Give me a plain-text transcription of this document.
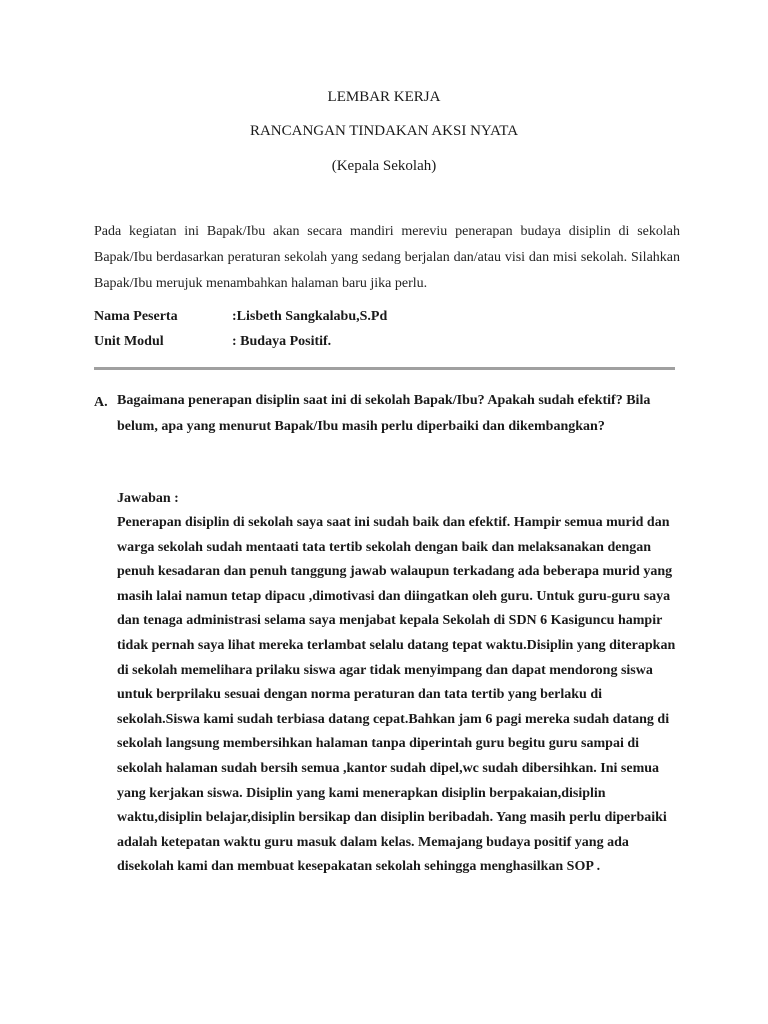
LEMBAR KERJA
RANCANGAN TINDAKAN AKSI NYATA
(Kepala Sekolah)

Pada kegiatan ini Bapak/Ibu akan secara mandiri mereviu penerapan budaya disiplin di sekolah Bapak/Ibu berdasarkan peraturan sekolah yang sedang berjalan dan/atau visi dan misi sekolah. Silahkan Bapak/Ibu merujuk menambahkan halaman baru jika perlu.

Nama Peserta	:Lisbeth Sangkalabu,S.Pd
Unit Modul	: Budaya Positif.
A. Bagaimana penerapan disiplin saat ini di sekolah Bapak/Ibu? Apakah sudah efektif? Bila belum, apa yang menurut Bapak/Ibu masih perlu diperbaiki dan dikembangkan?

Jawaban :

Penerapan disiplin di sekolah saya saat ini sudah baik dan efektif. Hampir semua murid dan warga sekolah sudah mentaati tata tertib sekolah dengan baik dan melaksanakan dengan penuh kesadaran dan penuh tanggung jawab walaupun terkadang ada beberapa murid yang masih lalai namun tetap dipacu ,dimotivasi dan diingatkan oleh guru. Untuk guru-guru saya dan tenaga administrasi selama saya menjabat kepala Sekolah di SDN 6 Kasiguncu hampir tidak pernah saya lihat mereka terlambat selalu datang tepat waktu.Disiplin yang diterapkan di sekolah memelihara prilaku siswa agar tidak menyimpang dan dapat mendorong siswa untuk berprilaku sesuai dengan norma peraturan dan tata tertib yang berlaku di sekolah.Siswa kami sudah terbiasa datang cepat.Bahkan jam 6 pagi mereka sudah datang di sekolah langsung membersihkan halaman tanpa diperintah guru begitu guru sampai di sekolah halaman sudah bersih semua ,kantor sudah dipel,wc sudah dibersihkan. Ini semua yang kerjakan siswa. Disiplin yang kami menerapkan disiplin berpakaian,disiplin waktu,disiplin belajar,disiplin bersikap dan disiplin beribadah. Yang masih perlu diperbaiki adalah ketepatan waktu guru masuk dalam kelas. Memajang budaya positif yang ada disekolah kami dan membuat kesepakatan sekolah sehingga menghasilkan SOP .
